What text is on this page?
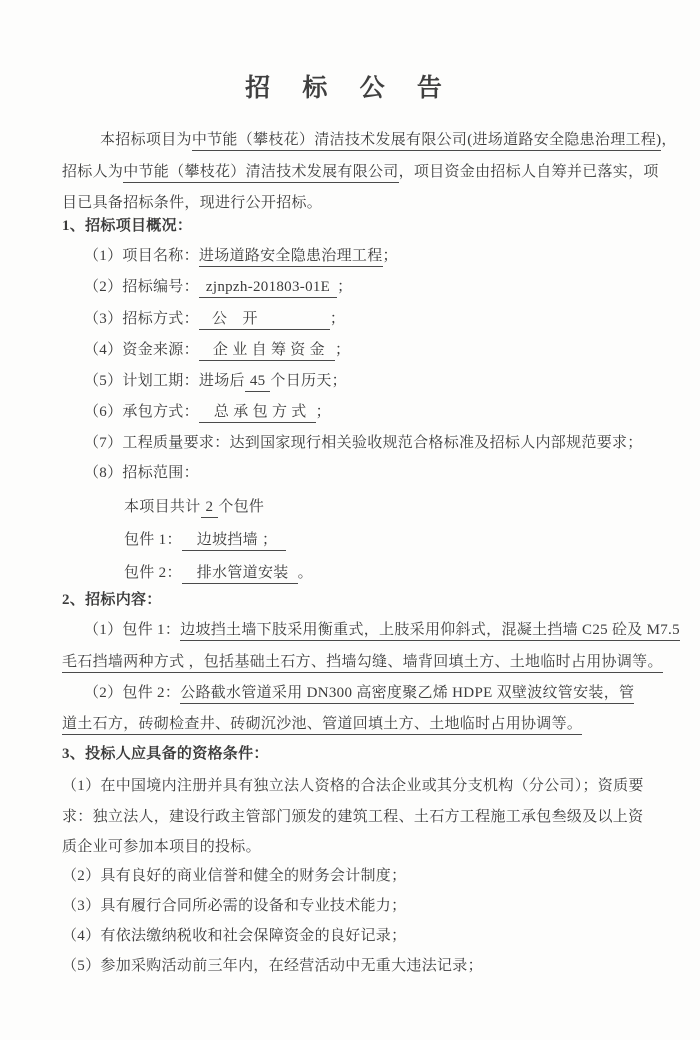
招 标 公 告
本招标项目为中节能（攀枝花）清洁技术发展有限公司(进场道路安全隐患治理工程)，
招标人为中节能（攀枝花）清洁技术发展有限公司，项目资金由招标人自筹并已落实，项
目已具备招标条件，现进行公开招标。
1、招标项目概况：
（1）项目名称：进场道路安全隐患治理工程；
（2）招标编号： zjnpzh-201803-01E ；
（3）招标方式： 公　开	；
（4）资金来源： 企 业 自 筹 资 金 ；
（5）计划工期：进场后 45 个日历天；
（6）承包方式： 总 承 包 方 式 ；
（7）工程质量要求：达到国家现行相关验收规范合格标准及招标人内部规范要求；
（8）招标范围：
本项目共计 2 个包件
包件 1： 边坡挡墙 ；
包件 2： 排水管道安装 。
2、招标内容：
（1）包件 1：边坡挡土墙下肢采用衡重式，上肢采用仰斜式，混凝土挡墙 C25 砼及 M7.5
毛石挡墙两种方式 ，包括基础土石方、挡墙勾缝、墙背回填土方、土地临时占用协调等。
（2）包件 2：公路截水管道采用 DN300 高密度聚乙烯 HDPE 双壁波纹管安装，管
道土石方，砖砌检查井、砖砌沉沙池、管道回填土方、土地临时占用协调等。
3、投标人应具备的资格条件：
（1）在中国境内注册并具有独立法人资格的合法企业或其分支机构（分公司）；资质要
求：独立法人，建设行政主管部门颁发的建筑工程、土石方工程施工承包叁级及以上资
质企业可参加本项目的投标。
（2）具有良好的商业信誉和健全的财务会计制度；
（3）具有履行合同所必需的设备和专业技术能力；
（4）有依法缴纳税收和社会保障资金的良好记录；
（5）参加采购活动前三年内，在经营活动中无重大违法记录；
